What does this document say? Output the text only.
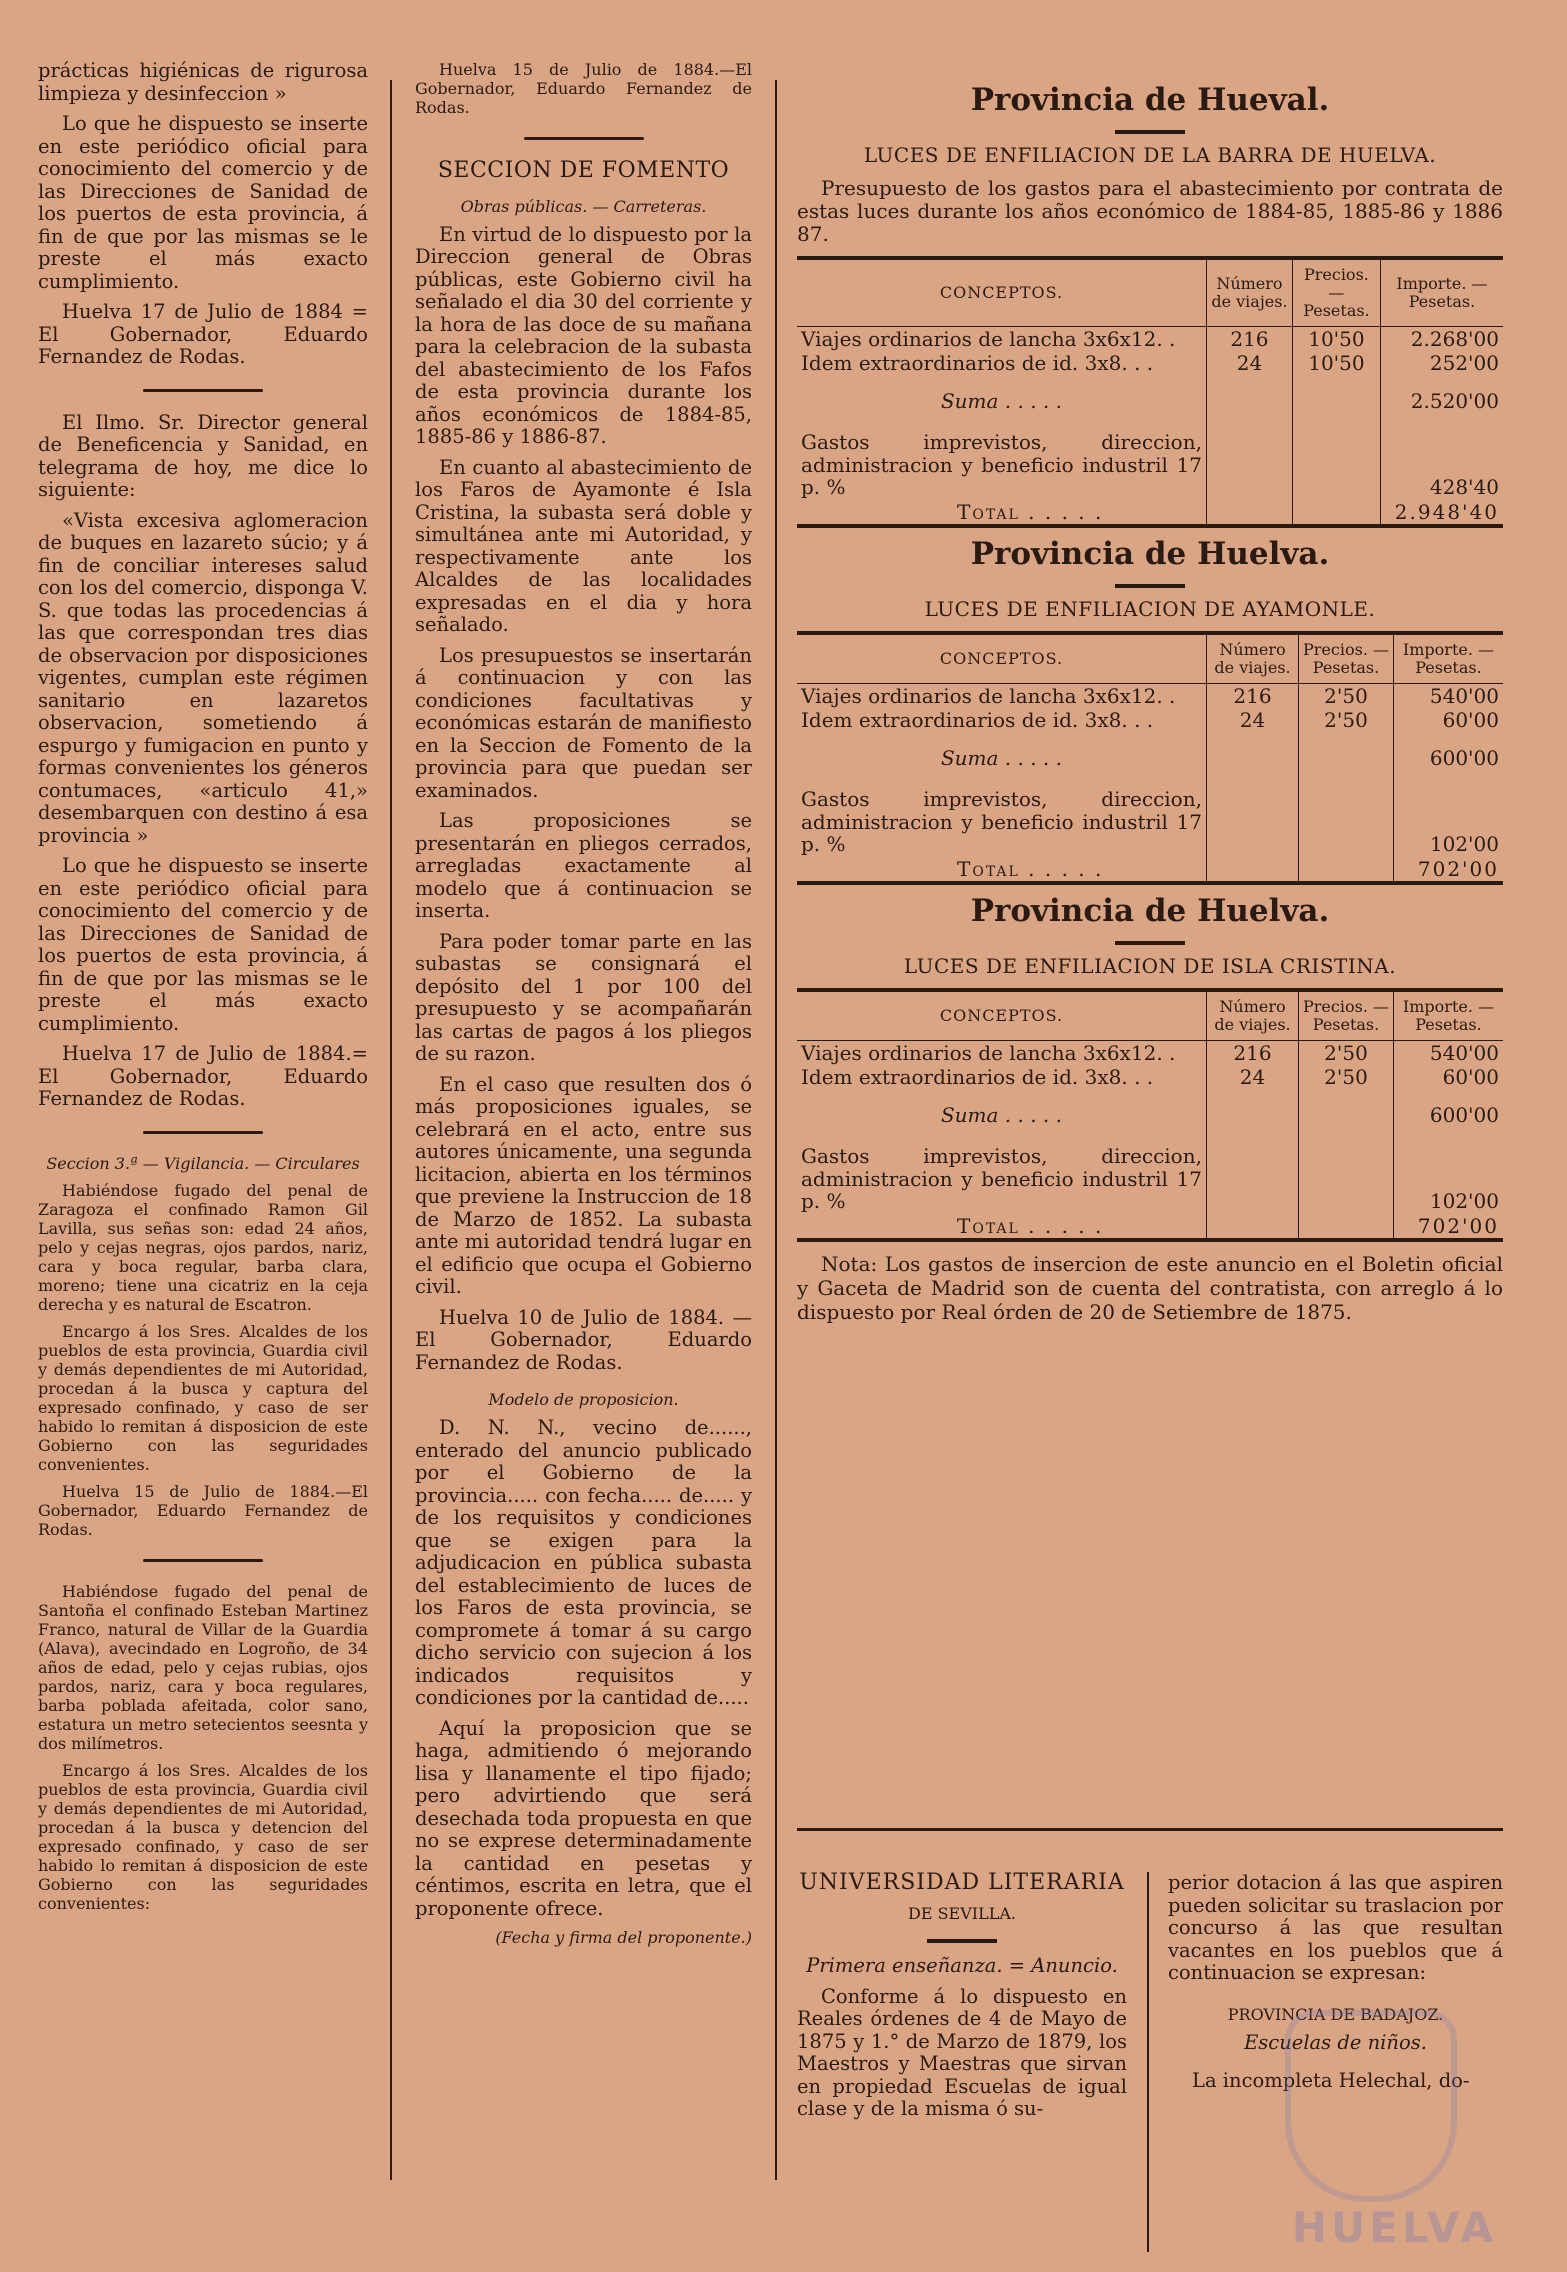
prácticas higiénicas de rigurosa limpieza y desinfeccion »

Lo que he dispuesto se inserte en este periódico oficial para conocimiento del comercio y de las Direcciones de Sanidad de los puertos de esta provincia, á fin de que por las mismas se le preste el más exacto cumplimiento.

Huelva 17 de Julio de 1884 = El Gobernador, Eduardo Fernandez de Rodas.

El Ilmo. Sr. Director general de Beneficencia y Sanidad, en telegrama de hoy, me dice lo siguiente:

«Vista excesiva aglomeracion de buques en lazareto súcio; y á fin de conciliar intereses salud con los del comercio, disponga V. S. que todas las procedencias á las que correspondan tres dias de observacion por disposiciones vigentes, cumplan este régimen sanitario en lazaretos observacion, sometiendo á espurgo y fumigacion en punto y formas convenientes los géneros contumaces, «articulo 41,» desembarquen con destino á esa provincia »

Lo que he dispuesto se inserte en este periódico oficial para conocimiento del comercio y de las Direcciones de Sanidad de los puertos de esta provincia, á fin de que por las mismas se le preste el más exacto cumplimiento.

Huelva 17 de Julio de 1884.= El Gobernador, Eduardo Fernandez de Rodas.

Seccion 3.ª — Vigilancia. — Circulares

Habiéndose fugado del penal de Zaragoza el confinado Ramon Gil Lavilla, sus señas son: edad 24 años, pelo y cejas negras, ojos pardos, nariz, cara y boca regular, barba clara, moreno; tiene una cicatriz en la ceja derecha y es natural de Escatron.

Encargo á los Sres. Alcaldes de los pueblos de esta provincia, Guardia civil y demás dependientes de mi Autoridad, procedan á la busca y captura del expresado confinado, y caso de ser habido lo remitan á disposicion de este Gobierno con las seguridades convenientes.

Huelva 15 de Julio de 1884.—El Gobernador, Eduardo Fernandez de Rodas.

Habiéndose fugado del penal de Santoña el confinado Esteban Martinez Franco, natural de Villar de la Guardia (Alava), avecindado en Logroño, de 34 años de edad, pelo y cejas rubias, ojos pardos, nariz, cara y boca regulares, barba poblada afeitada, color sano, estatura un metro setecientos seesnta y dos milímetros.

Encargo á los Sres. Alcaldes de los pueblos de esta provincia, Guardia civil y demás dependientes de mi Autoridad, procedan á la busca y detencion del expresado confinado, y caso de ser habido lo remitan á disposicion de este Gobierno con las seguridades convenientes:

Huelva 15 de Julio de 1884.—El Gobernador, Eduardo Fernandez de Rodas.

SECCION DE FOMENTO

Obras públicas. — Carreteras.

En virtud de lo dispuesto por la Direccion general de Obras públicas, este Gobierno civil ha señalado el dia 30 del corriente y la hora de las doce de su mañana para la celebracion de la subasta del abastecimiento de los Fafos de esta provincia durante los años económicos de 1884-85, 1885-86 y 1886-87.

En cuanto al abastecimiento de los Faros de Ayamonte é Isla Cristina, la subasta será doble y simultánea ante mi Autoridad, y respectivamente ante los Alcaldes de las localidades expresadas en el dia y hora señalado.

Los presupuestos se insertarán á continuacion y con las condiciones facultativas y económicas estarán de manifiesto en la Seccion de Fomento de la provincia para que puedan ser examinados.

Las proposiciones se presentarán en pliegos cerrados, arregladas exactamente al modelo que á continuacion se inserta.

Para poder tomar parte en las subastas se consignará el depósito del 1 por 100 del presupuesto y se acompañarán las cartas de pagos á los pliegos de su razon.

En el caso que resulten dos ó más proposiciones iguales, se celebrará en el acto, entre sus autores únicamente, una segunda licitacion, abierta en los términos que previene la Instruccion de 18 de Marzo de 1852. La subasta ante mi autoridad tendrá lugar en el edificio que ocupa el Gobierno civil.

Huelva 10 de Julio de 1884. — El Gobernador, Eduardo Fernandez de Rodas.

Modelo de proposicion.

D. N. N., vecino de......, enterado del anuncio publicado por el Gobierno de la provincia..... con fecha..... de..... y de los requisitos y condiciones que se exigen para la adjudicacion en pública subasta del establecimiento de luces de los Faros de esta provincia, se compromete á tomar á su cargo dicho servicio con sujecion á los indicados requisitos y condiciones por la cantidad de.....

Aquí la proposicion que se haga, admitiendo ó mejorando lisa y llanamente el tipo fijado; pero advirtiendo que será desechada toda propuesta en que no se exprese determinadamente la cantidad en pesetas y céntimos, escrita en letra, que el proponente ofrece.

(Fecha y firma del proponente.)

Provincia de Hueval.
LUCES DE ENFILIACION DE LA BARRA DE HUELVA.
Presupuesto de los gastos para el abastecimiento por contrata de estas luces durante los años económico de 1884-85, 1885-86 y 1886 87.
CONCEPTOS.	Número de viajes.	Precios. — Pesetas.	Importe. — Pesetas.
Viajes ordinarios de lancha 3x6x12. .	216	10'50	2.268'00
Idem extraordinarios de id. 3x8. . .	24	10'50	252'00
Suma . . . . .			2.520'00
Gastos imprevistos, direccion, administracion y beneficio industril 17 p. %			428'40
Total . . . . .			2.948'40
Provincia de Huelva.
LUCES DE ENFILIACION DE AYAMONLE.
CONCEPTOS.	Número de viajes.	Precios. — Pesetas.	Importe. — Pesetas.
Viajes ordinarios de lancha 3x6x12. .	216	2'50	540'00
Idem extraordinarios de id. 3x8. . .	24	2'50	60'00
Suma . . . . .			600'00
Gastos imprevistos, direccion, administracion y beneficio industril 17 p. %			102'00
Total . . . . .			702'00
Provincia de Huelva.
LUCES DE ENFILIACION DE ISLA CRISTINA.
CONCEPTOS.	Número de viajes.	Precios. — Pesetas.	Importe. — Pesetas.
Viajes ordinarios de lancha 3x6x12. .	216	2'50	540'00
Idem extraordinarios de id. 3x8. . .	24	2'50	60'00
Suma . . . . .			600'00
Gastos imprevistos, direccion, administracion y beneficio industril 17 p. %			102'00
Total . . . . .			702'00

Nota: Los gastos de insercion de este anuncio en el Boletin oficial y Gaceta de Madrid son de cuenta del contratista, con arreglo á lo dispuesto por Real órden de 20 de Setiembre de 1875.

UNIVERSIDAD LITERARIA
DE SEVILLA.

Primera enseñanza. = Anuncio.

Conforme á lo dispuesto en Reales órdenes de 4 de Mayo de 1875 y 1.° de Marzo de 1879, los Maestros y Maestras que sirvan en propiedad Escuelas de igual clase y de la misma ó su-

perior dotacion á las que aspiren pueden solicitar su traslacion por concurso á las que resultan vacantes en los pueblos que á continuacion se expresan:

PROVINCIA DE BADAJOZ.

Escuelas de niños.

La incompleta Helechal, do-

HUELVA
